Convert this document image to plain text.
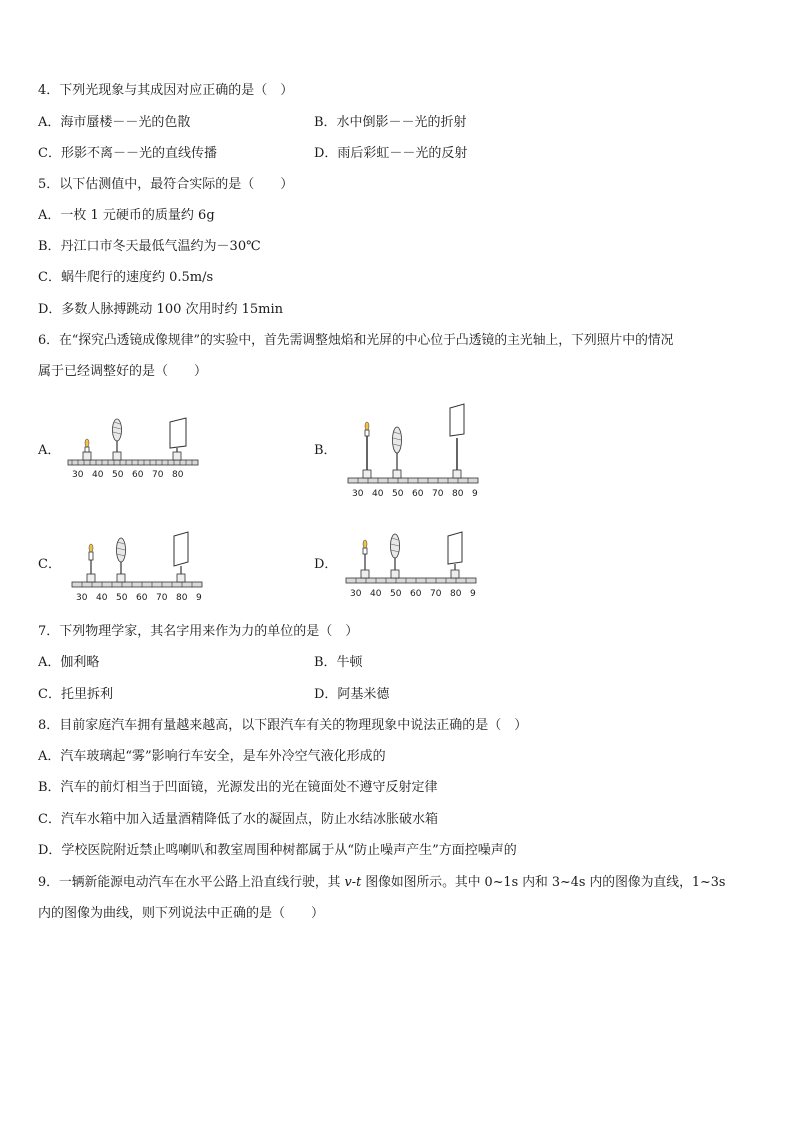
4．下列光现象与其成因对应正确的是（　）
A．海市蜃楼－－光的色散	B．水中倒影－－光的折射
C．形影不离－－光的直线传播	D．雨后彩虹－－光的反射
5．以下估测值中，最符合实际的是（　　）
A．一枚 1 元硬币的质量约 6g
B．丹江口市冬天最低气温约为－30℃
C．蜗牛爬行的速度约 0.5m/s
D．多数人脉搏跳动 100 次用时约 15min
6．在“探究凸透镜成像规律”的实验中，首先需调整烛焰和光屏的中心位于凸透镜的主光轴上，下列照片中的情况
属于已经调整好的是（　　）
A．
30 40 50 60 70 80
B．
30 40 50 60 70 80 9
C．
30 40 50 60 70 80 9
D．
30 40 50 60 70 80 9
7．下列物理学家，其名字用来作为力的单位的是（　）
A．伽利略	B．牛顿
C．托里拆利	D．阿基米德
8．目前家庭汽车拥有量越来越高，以下跟汽车有关的物理现象中说法正确的是（　）
A．汽车玻璃起“雾”影响行车安全，是车外冷空气液化形成的
B．汽车的前灯相当于凹面镜，光源发出的光在镜面处不遵守反射定律
C．汽车水箱中加入适量酒精降低了水的凝固点，防止水结冰胀破水箱
D．学校医院附近禁止鸣喇叭和教室周围种树都属于从“防止噪声产生”方面控噪声的
9．一辆新能源电动汽车在水平公路上沿直线行驶，其 v-t 图像如图所示。其中 0~1s 内和 3~4s 内的图像为直线，1~3s
内的图像为曲线，则下列说法中正确的是（　　）
